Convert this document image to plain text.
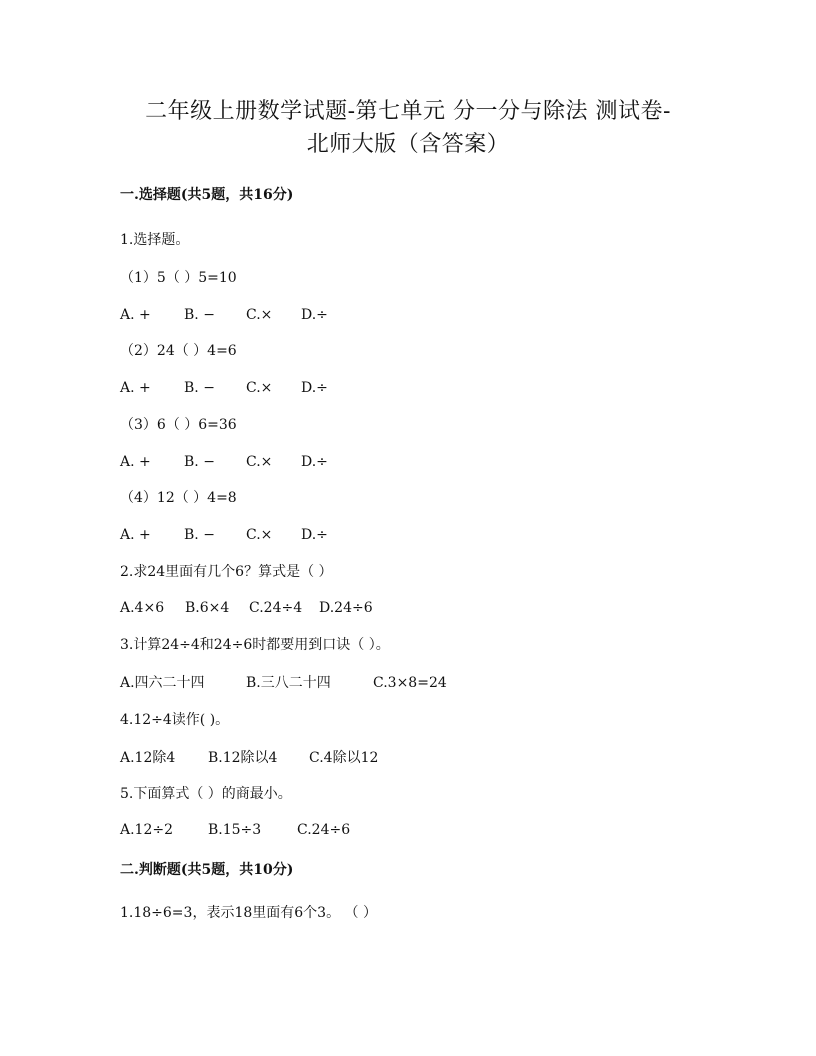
二年级上册数学试题-第七单元 分一分与除法 测试卷-
北师大版（含答案）
一.选择题(共5题，共16分)
1.选择题。
（1）5（ ）5=10
A. + B. − C.× D.÷
（2）24（ ）4=6
A. + B. − C.× D.÷
（3）6（ ）6=36
A. + B. − C.× D.÷
（4）12（ ）4=8
A. + B. − C.× D.÷
2.求24里面有几个6？算式是（ ）
A.4×6 B.6×4 C.24÷4 D.24÷6
3.计算24÷4和24÷6时都要用到口诀（ ）。
A.四六二十四	B.三八二十四	C.3×8=24
4.12÷4读作( )。
A.12除4 B.12除以4 C.4除以12
5.下面算式（ ）的商最小。
A.12÷2 B.15÷3	C.24÷6
二.判断题(共5题，共10分)
1.18÷6=3，表示18里面有6个3。 （ ）
